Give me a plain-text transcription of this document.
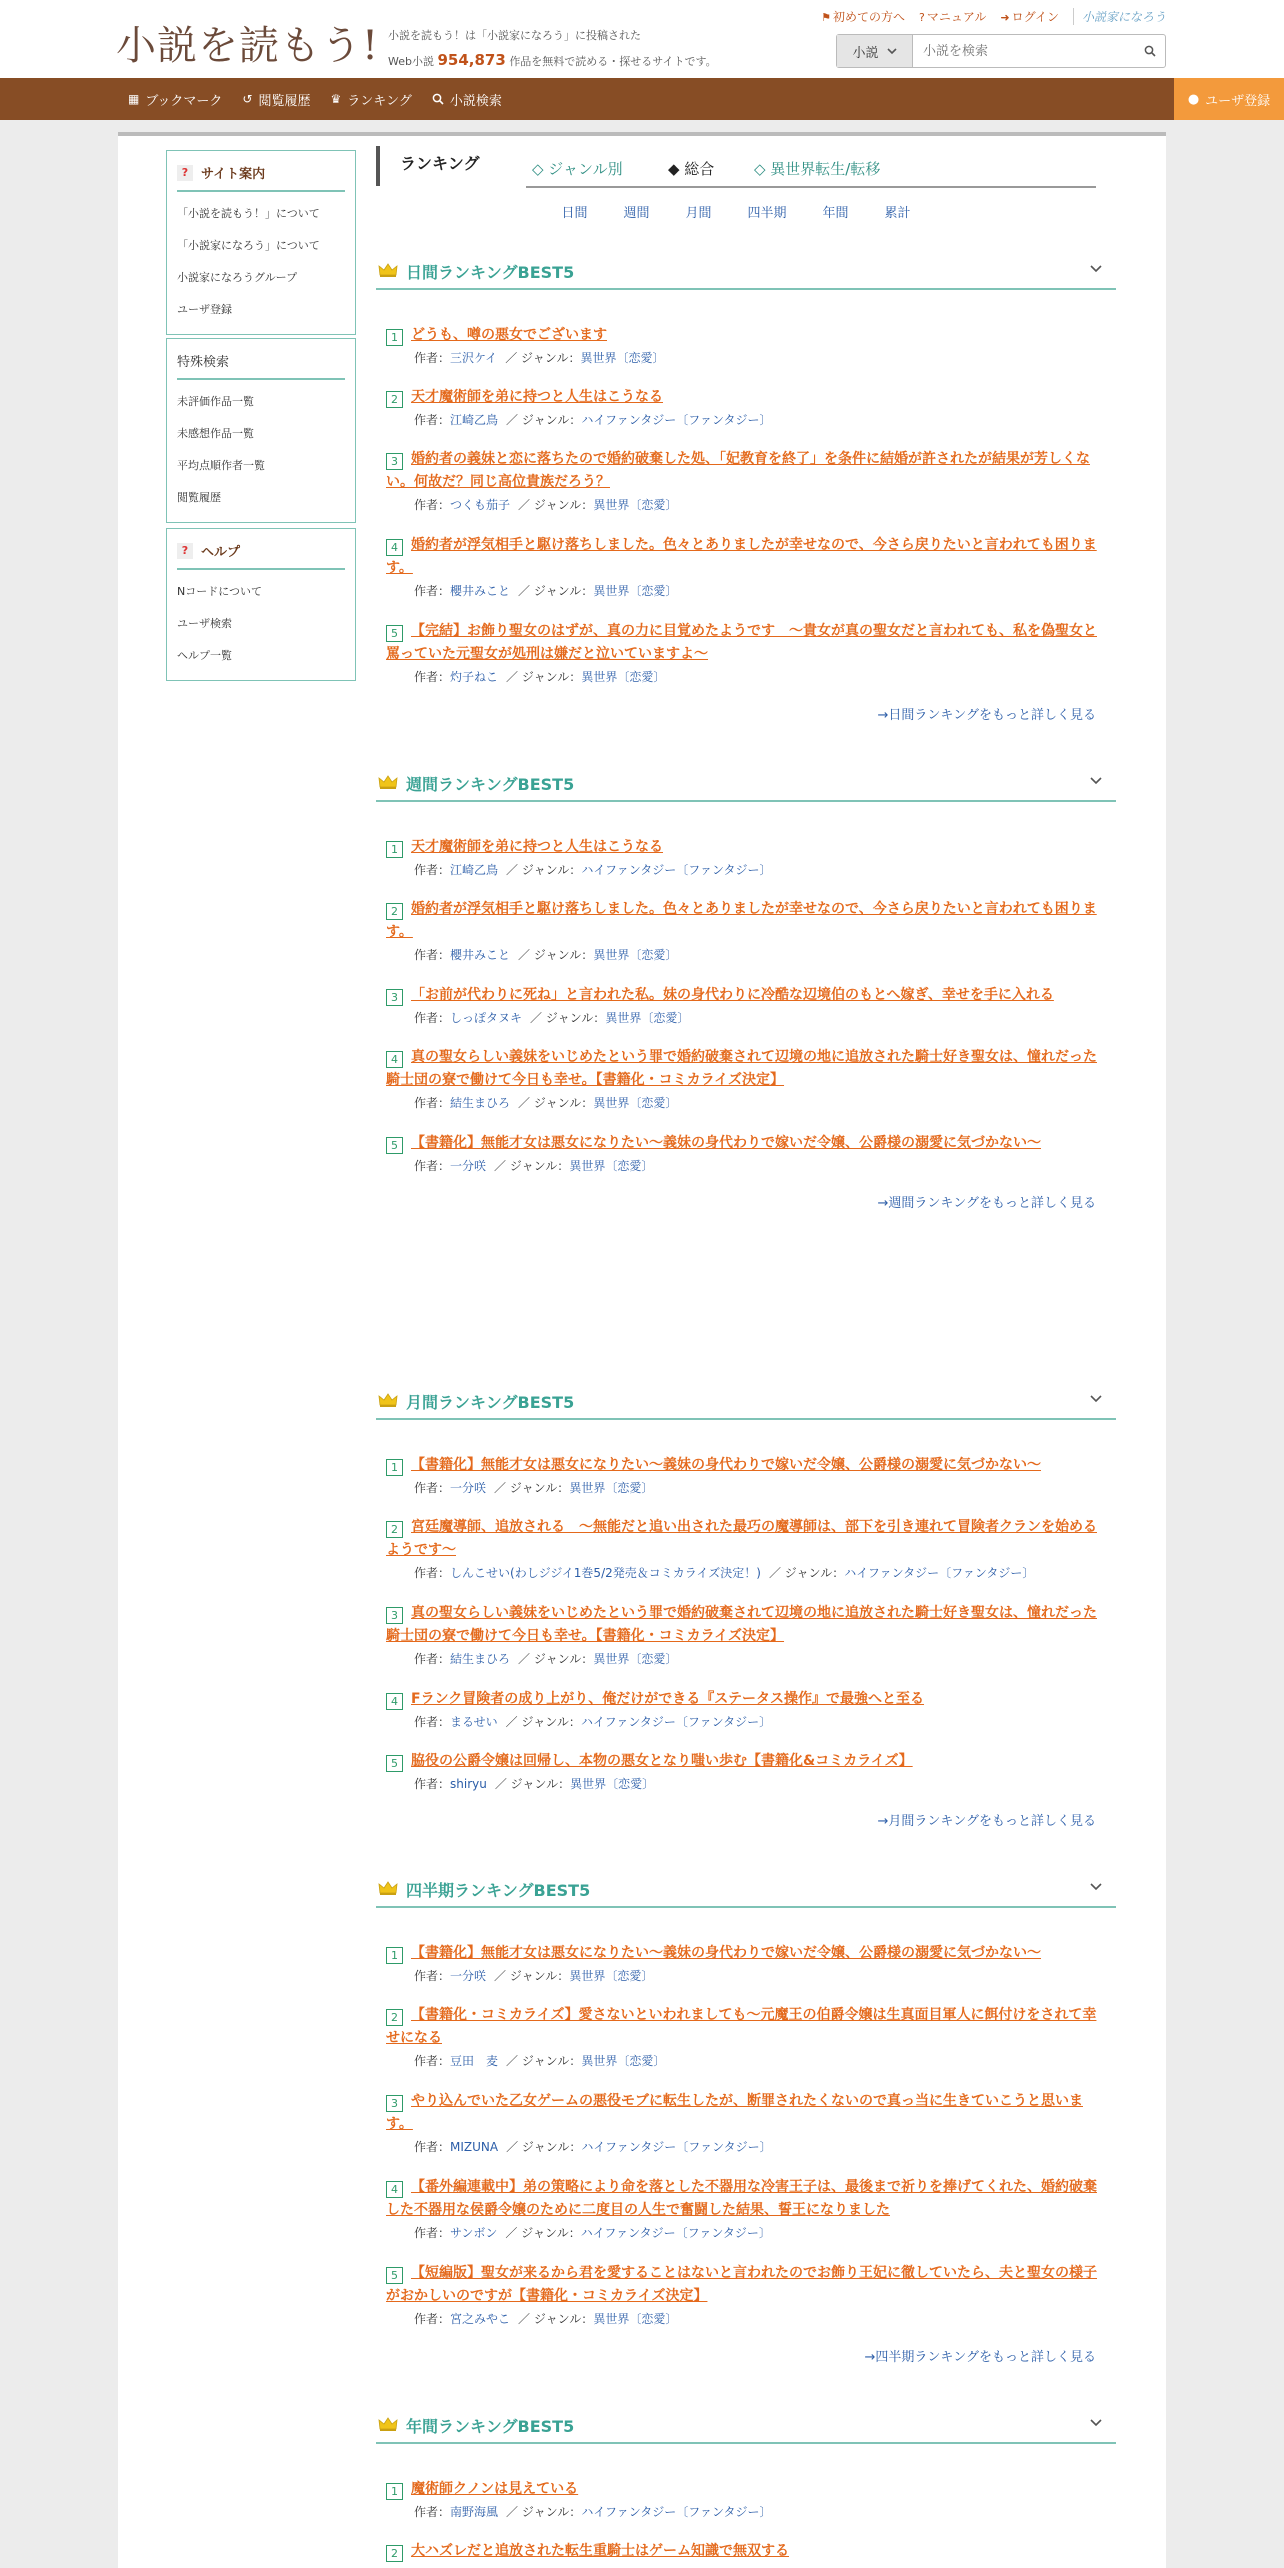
小説を読もう! 小説を読もう！は「小説家になろう」に投稿された
Web小説 954,873 作品を無料で読める・探せるサイトです。
⚑ 初めての方へ ? マニュアル ➜ ログイン	小説家になろう
小説
小説を検索
▦ ブックマーク ↺ 閲覧履歴 ♛ ランキング	小説検索	● ユーザ登録
? サイト案内
「小説を読もう！」について
「小説家になろう」について
小説家になろうグループ
ユーザ登録
特殊検索
未評価作品一覧
未感想作品一覧
平均点順作者一覧
閲覧履歴
? ヘルプ
Nコードについて
ユーザ検索
ヘルプ一覧
ランキング	◇ ジャンル別	◆ 総合	◇ 異世界転生/転移
日間	週間	月間	四半期	年間	累計
日間ランキングBEST5
1 どうも、噂の悪女でございます
作者：三沢ケイ ／ ジャンル：異世界〔恋愛〕
2 天才魔術師を弟に持つと人生はこうなる
作者：江崎乙鳥 ／ ジャンル：ハイファンタジー〔ファンタジー〕
3 婚約者の義妹と恋に落ちたので婚約破棄した処、「妃教育を終了」を条件に結婚が許されたが結果が芳しくない。何故だ？同じ高位貴族だろう？
作者：つくも茄子 ／ ジャンル：異世界〔恋愛〕
4 婚約者が浮気相手と駆け落ちしました。色々とありましたが幸せなので、今さら戻りたいと言われても困ります。
作者：櫻井みこと ／ ジャンル：異世界〔恋愛〕
5 【完結】お飾り聖女のはずが、真の力に目覚めたようです　～貴女が真の聖女だと言われても、私を偽聖女と罵っていた元聖女が処刑は嫌だと泣いていますよ～
作者：灼子ねこ ／ ジャンル：異世界〔恋愛〕
→日間ランキングをもっと詳しく見る
週間ランキングBEST5
1 天才魔術師を弟に持つと人生はこうなる
作者：江崎乙鳥 ／ ジャンル：ハイファンタジー〔ファンタジー〕
2 婚約者が浮気相手と駆け落ちしました。色々とありましたが幸せなので、今さら戻りたいと言われても困ります。
作者：櫻井みこと ／ ジャンル：異世界〔恋愛〕
3 「お前が代わりに死ね」と言われた私。妹の身代わりに冷酷な辺境伯のもとへ嫁ぎ、幸せを手に入れる
作者：しっぽタヌキ ／ ジャンル：異世界〔恋愛〕
4 真の聖女らしい義妹をいじめたという罪で婚約破棄されて辺境の地に追放された騎士好き聖女は、憧れだった騎士団の寮で働けて今日も幸せ。【書籍化・コミカライズ決定】
作者：結生まひろ ／ ジャンル：異世界〔恋愛〕
5 【書籍化】無能才女は悪女になりたい～義妹の身代わりで嫁いだ令嬢、公爵様の溺愛に気づかない～
作者：一分咲 ／ ジャンル：異世界〔恋愛〕
→週間ランキングをもっと詳しく見る
月間ランキングBEST5
1 【書籍化】無能才女は悪女になりたい～義妹の身代わりで嫁いだ令嬢、公爵様の溺愛に気づかない～
作者：一分咲 ／ ジャンル：異世界〔恋愛〕
2 宮廷魔導師、追放される　～無能だと追い出された最巧の魔導師は、部下を引き連れて冒険者クランを始めるようです～
作者：しんこせい(わしジジイ1巻5/2発売＆コミカライズ決定！) ／ ジャンル：ハイファンタジー〔ファンタジー〕
3 真の聖女らしい義妹をいじめたという罪で婚約破棄されて辺境の地に追放された騎士好き聖女は、憧れだった騎士団の寮で働けて今日も幸せ。【書籍化・コミカライズ決定】
作者：結生まひろ ／ ジャンル：異世界〔恋愛〕
4 Fランク冒険者の成り上がり、俺だけができる『ステータス操作』で最強へと至る
作者：まるせい ／ ジャンル：ハイファンタジー〔ファンタジー〕
5 脇役の公爵令嬢は回帰し、本物の悪女となり嗤い歩む【書籍化&コミカライズ】
作者：shiryu ／ ジャンル：異世界〔恋愛〕
→月間ランキングをもっと詳しく見る
四半期ランキングBEST5
1 【書籍化】無能才女は悪女になりたい～義妹の身代わりで嫁いだ令嬢、公爵様の溺愛に気づかない～
作者：一分咲 ／ ジャンル：異世界〔恋愛〕
2 【書籍化・コミカライズ】愛さないといわれましても～元魔王の伯爵令嬢は生真面目軍人に餌付けをされて幸せになる
作者：豆田　麦 ／ ジャンル：異世界〔恋愛〕
3 やり込んでいた乙女ゲームの悪役モブに転生したが、断罪されたくないので真っ当に生きていこうと思います。
作者：MIZUNA ／ ジャンル：ハイファンタジー〔ファンタジー〕
4 【番外編連載中】弟の策略により命を落とした不器用な冷害王子は、最後まで祈りを捧げてくれた、婚約破棄した不器用な侯爵令嬢のために二度目の人生で奮闘した結果、誓王になりました
作者：サンボン ／ ジャンル：ハイファンタジー〔ファンタジー〕
5 【短編版】聖女が来るから君を愛することはないと言われたのでお飾り王妃に徹していたら、夫と聖女の様子がおかしいのですが【書籍化・コミカライズ決定】
作者：宮之みやこ ／ ジャンル：異世界〔恋愛〕
→四半期ランキングをもっと詳しく見る
年間ランキングBEST5
1 魔術師クノンは見えている
作者：南野海風 ／ ジャンル：ハイファンタジー〔ファンタジー〕
2 大ハズレだと追放された転生重騎士はゲーム知識で無双する
